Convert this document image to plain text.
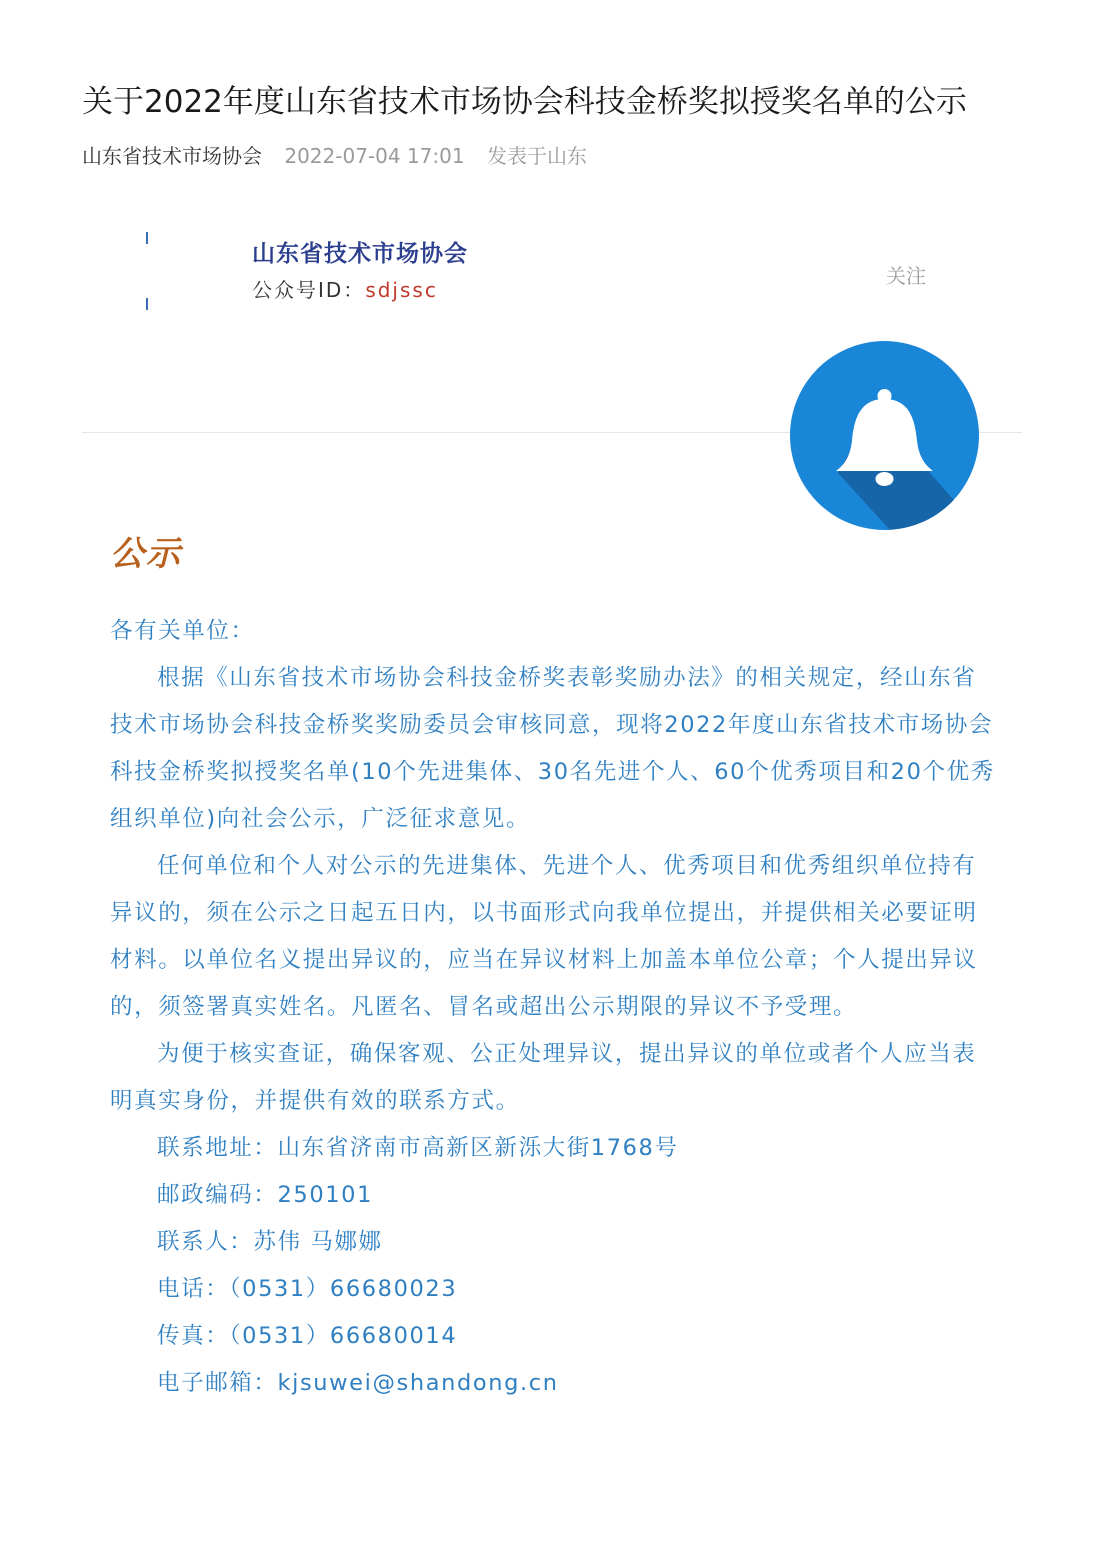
关于2022年度山东省技术市场协会科技金桥奖拟授奖名单的公示
山东省技术市场协会 2022-07-04 17:01 发表于山东
山东省技术市场协会
公众号ID：sdjssc
关注
公示

各有关单位：

根据《山东省技术市场协会科技金桥奖表彰奖励办法》的相关规定，经山东省技术市场协会科技金桥奖奖励委员会审核同意，现将2022年度山东省技术市场协会科技金桥奖拟授奖名单(10个先进集体、30名先进个人、60个优秀项目和20个优秀组织单位)向社会公示，广泛征求意见。

任何单位和个人对公示的先进集体、先进个人、优秀项目和优秀组织单位持有异议的，须在公示之日起五日内，以书面形式向我单位提出，并提供相关必要证明材料。以单位名义提出异议的，应当在异议材料上加盖本单位公章；个人提出异议的，须签署真实姓名。凡匿名、冒名或超出公示期限的异议不予受理。

为便于核实查证，确保客观、公正处理异议，提出异议的单位或者个人应当表明真实身份，并提供有效的联系方式。

联系地址：山东省济南市高新区新泺大街1768号

邮政编码：250101

联系人：苏伟 马娜娜

电话：（0531）66680023

传真：（0531）66680014

电子邮箱：kjsuwei@shandong.cn
